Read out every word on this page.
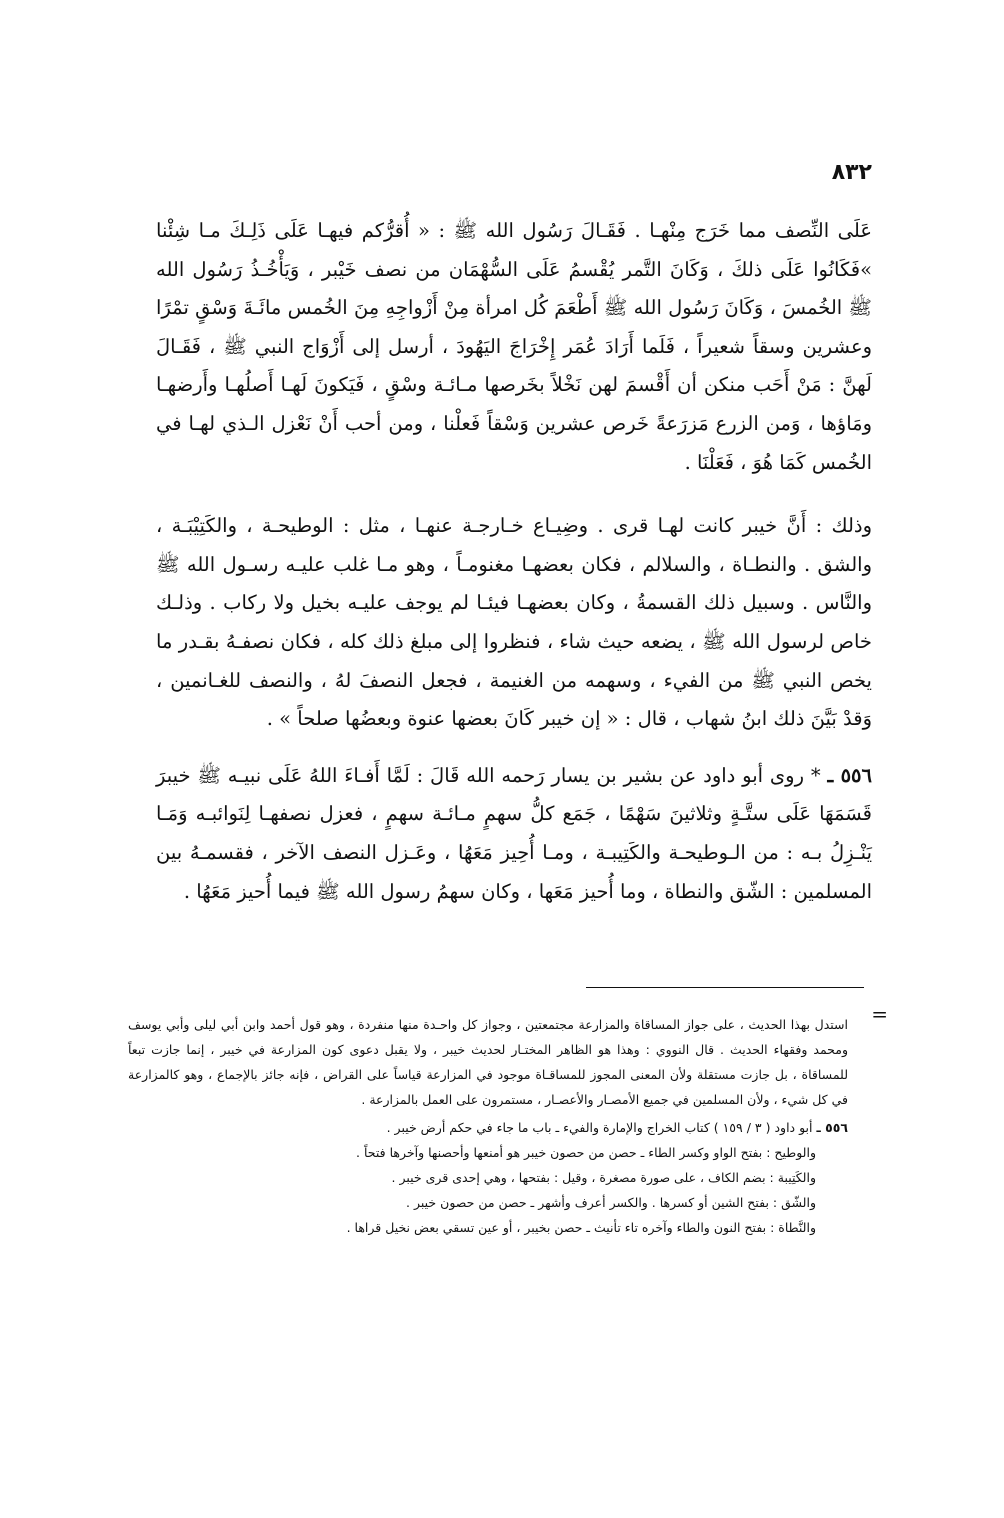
٨٣٢

عَلَى النِّصف مما خَرَج مِنْهـا . فَقَـالَ رَسُول الله ﷺ : « أُقرُّكم فيهـا عَلَى ذَلِـكَ مـا شِئْنا »فَكَانُوا عَلَى ذلكَ ، وَكَانَ التَّمر يُقْسمُ عَلَى السُّهْمَان من نصف خَيْبر ، وَيَأْخُـذُ رَسُول الله ﷺ الخُمسَ ، وَكَانَ رَسُول الله ﷺ أَطْعَمَ كُل امرأة مِنْ أَزْواجِهِ مِنَ الخُمس مائَـةَ وَسْقٍ تمْرًا وعشرين وسقاً شعيراً ، فَلَما أَرَادَ عُمَر إِخْرَاجَ اليَهُودَ ، أرسل إلى أَزْوَاج النبي ﷺ ، فَقَـالَ لَهنَّ : مَنْ أَحَب منكن أن أَقْسمَ لهن نَخْلاً بخَرصها مـائـة وسْقٍ ، فَيَكونَ لَهـا أَصلُهـا وأَرضهـا ومَاؤها ، وَمن الزرع مَزرَعةً خَرص عشرين وَسْقاً فَعلْنا ، ومن أحب أَنْ نَعْزل الـذي لهـا في الخُمس كَمَا هُوَ ، فَعَلْنَا .

وذلك : أَنَّ خيبر كانت لهـا قرى . وضِيـاع خـارجـة عنهـا ، مثل : الوطيحـة ، والكَتِيْبَـة ، والشق . والنطـاة ، والسلالم ، فكان بعضهـا مغنومـاً ، وهو مـا غلب عليـه رسـول الله ﷺ والنَّاس . وسبيل ذلك القسمةُ ، وكان بعضهـا فيئـا لم يوجف عليـه بخيل ولا ركاب . وذلـك خاص لرسول الله ﷺ ، يضعه حيث شاء ، فنظروا إلى مبلغ ذلك كله ، فكان نصفـهُ بقـدر ما يخص النبي ﷺ من الفيء ، وسهمه من الغنيمة ، فجعل النصفَ لهُ ، والنصف للغـانمين ، وَقدْ بَيَّنَ ذلك ابنُ شهاب ، قال : « إن خيبر كَانَ بعضها عنوة وبعضُها صلحاً » .

٥٥٦ ـ * روى أبو داود عن بشير بن يسار رَحمه الله قَالَ : لَمَّا أَفـاءَ اللهُ عَلَى نبيـه ﷺ خيبرَ قَسَمَهَا عَلَى ستَّـةٍ وثلاثينَ سَهْمًا ، جَمَع كلُّ سهمٍ مـائـة سهمٍ ، فعزل نصفهـا لِنَوائبـه وَمَـا يَنْـزِلُ بـه : من الـوطيحـة والكَتِيبـة ، ومـا أُحِيز مَعَهُا ، وعَـزل النصف الآخر ، فقسمـهُ بين المسلمين : الشّق والنطاة ، وما أُحيز مَعَها ، وكان سهمُ رسول الله ﷺ فيما أُحيز مَعَهُا .

=

استدل بهذا الحديث ، على جواز المساقاة والمزارعة مجتمعتين ، وجواز كل واحـدة منها منفردة ، وهو قول أحمد وابن أبي ليلى وأبي يوسف ومحمد وفقهاء الحديث . قال النووي : وهذا هو الظاهر المختـار لحديث خيبر ، ولا يقبل دعوى كون المزارعة في خيبر ، إنما جازت تبعاً للمساقاة ، بل جازت مستقلة ولأن المعنى المجوز للمساقـاة موجود في المزارعة قياساً على القراض ، فإنه جائز بالإجماع ، وهو كالمزارعة في كل شيء ، ولأن المسلمين في جميع الأمصـار والأعصـار ، مستمرون على العمل بالمزارعة .

٥٥٦ ـ أبو داود ( ٣ / ١٥٩ ) كتاب الخراج والإمارة والفيء ـ باب ما جاء في حكم أرض خيبر .

والوطيح : بفتح الواو وكسر الطاء ـ حصن من حصون خيبر هو أمنعها وأحصنها وآخرها فتحاً .

والكَتِيبة : بضم الكاف ، على صورة مصغرة ، وقيل : بفتحها ، وهي إحدى قرى خيبر .

والشّق : بفتح الشين أو كسرها . والكسر أعرف وأشهر ـ حصن من حصون خيبر .

والنَّطاة : بفتح النون والطاء وآخره تاء تأنيث ـ حصن بخيبر ، أو عين تسقي بعض نخيل قراها .
